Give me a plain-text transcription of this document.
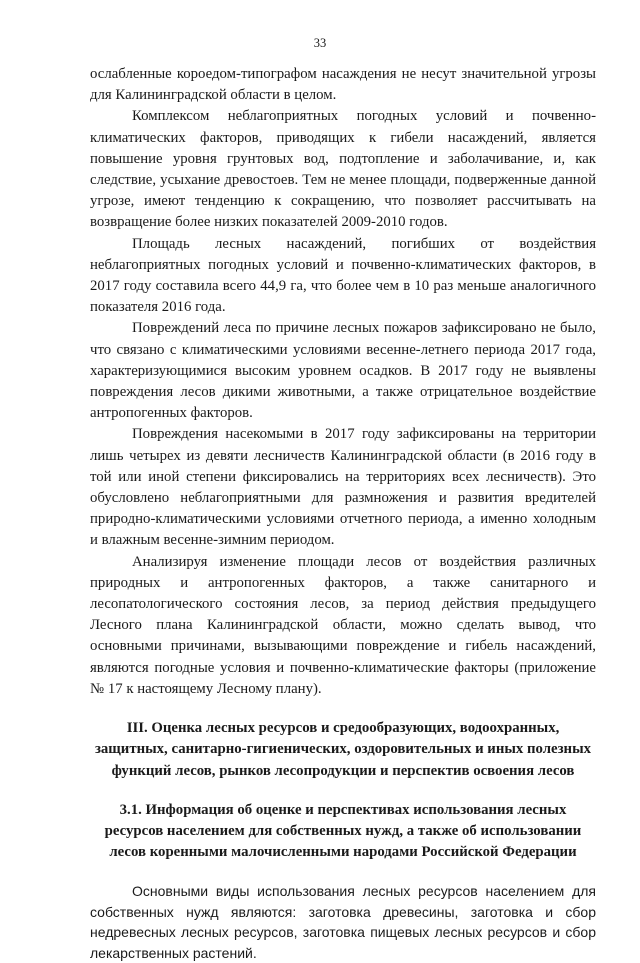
33

ослабленные короедом-типографом насаждения не несут значительной угрозы для Калининградской области в целом.

Комплексом неблагоприятных погодных условий и почвенно-климатических факторов, приводящих к гибели насаждений, является повышение уровня грунтовых вод, подтопление и заболачивание, и, как следствие, усыхание древостоев. Тем не менее площади, подверженные данной угрозе, имеют тенденцию к сокращению, что позволяет рассчитывать на возвращение более низких показателей 2009-2010 годов.

Площадь лесных насаждений, погибших от воздействия неблагоприятных погодных условий и почвенно-климатических факторов, в 2017 году составила всего 44,9 га, что более чем в 10 раз меньше аналогичного показателя 2016 года.

Повреждений леса по причине лесных пожаров зафиксировано не было, что связано с климатическими условиями весенне-летнего периода 2017 года, характеризующимися высоким уровнем осадков. В 2017 году не выявлены повреждения лесов дикими животными, а также отрицательное воздействие антропогенных факторов.

Повреждения насекомыми в 2017 году зафиксированы на территории лишь четырех из девяти лесничеств Калининградской области (в 2016 году в той или иной степени фиксировались на территориях всех лесничеств). Это обусловлено неблагоприятными для размножения и развития вредителей природно-климатическими условиями отчетного периода, а именно холодным и влажным весенне-зимним периодом.

Анализируя изменение площади лесов от воздействия различных природных и антропогенных факторов, а также санитарного и лесопатологического состояния лесов, за период действия предыдущего Лесного плана Калининградской области, можно сделать вывод, что основными причинами, вызывающими повреждение и гибель насаждений, являются погодные условия и почвенно-климатические факторы (приложение № 17 к настоящему Лесному плану).

III. Оценка лесных ресурсов и средообразующих, водоохранных, защитных, санитарно-гигиенических, оздоровительных и иных полезных функций лесов, рынков лесопродукции и перспектив освоения лесов
3.1. Информация об оценке и перспективах использования лесных ресурсов населением для собственных нужд, а также об использовании лесов коренными малочисленными народами Российской Федерации

Основными виды использования лесных ресурсов населением для собственных нужд являются: заготовка древесины, заготовка и сбор недревесных лесных ресурсов, заготовка пищевых лесных ресурсов и сбор лекарственных растений.
